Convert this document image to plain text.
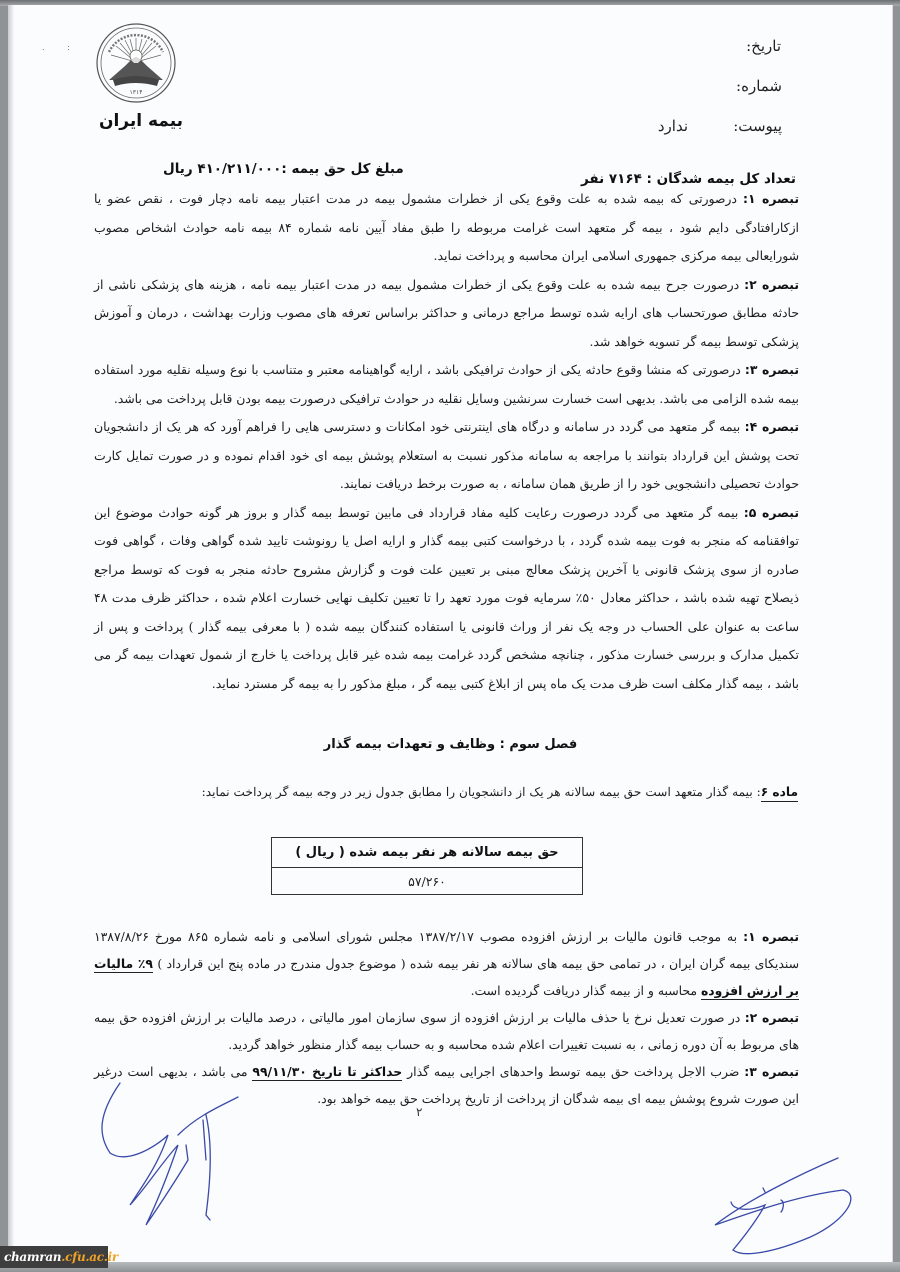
تاریخ:
شماره:
پیوست:
ندارد
. :
۱۳۱۴
بیمه ایران
تعداد کل بیمه شدگان : ۷۱۶۴ نفر
مبلغ کل حق بیمه :۴۱۰/۲۱۱/۰۰۰ ریال
تبصره ۱: درصورتی که بیمه شده به علت وقوع یکی از خطرات مشمول بیمه در مدت اعتبار بیمه نامه دچار فوت ، نقص عضو یا ازکارافتادگی دایم شود ، بیمه گر متعهد است غرامت مربوطه را طبق مفاد آیین نامه شماره ۸۴ بیمه نامه حوادث اشخاص مصوب شورایعالی بیمه مرکزی جمهوری اسلامی ایران محاسبه و پرداخت نماید.
تبصره ۲: درصورت جرح بیمه شده به علت وقوع یکی از خطرات مشمول بیمه در مدت اعتبار بیمه نامه ، هزینه های پزشکی ناشی از حادثه مطابق صورتحساب های ارایه شده توسط مراجع درمانی و حداکثر براساس تعرفه های مصوب وزارت بهداشت ، درمان و آموزش پزشکی توسط بیمه گر تسویه خواهد شد.
تبصره ۳: درصورتی که منشا وقوع حادثه یکی از حوادث ترافیکی باشد ، ارایه گواهینامه معتبر و متناسب با نوع وسیله نقلیه مورد استفاده بیمه شده الزامی می باشد. بدیهی است خسارت سرنشین وسایل نقلیه در حوادث ترافیکی درصورت بیمه بودن قابل پرداخت می باشد.
تبصره ۴: بیمه گر متعهد می گردد در سامانه و درگاه های اینترنتی خود امکانات و دسترسی هایی را فراهم آورد که هر یک از دانشجویان تحت پوشش این قرارداد بتوانند با مراجعه به سامانه مذکور نسبت به استعلام پوشش بیمه ای خود اقدام نموده و در صورت تمایل کارت حوادث تحصیلی دانشجویی خود را از طریق همان سامانه ، به صورت برخط دریافت نمایند.
تبصره ۵: بیمه گر متعهد می گردد درصورت رعایت کلیه مفاد قرارداد فی مابین توسط بیمه گذار و بروز هر گونه حوادث موضوع این توافقنامه که منجر به فوت بیمه شده گردد ، با درخواست کتبی بیمه گذار و ارایه اصل یا رونوشت تایید شده گواهی وفات ، گواهی فوت صادره از سوی پزشک قانونی یا آخرین پزشک معالج مبنی بر تعیین علت فوت و گزارش مشروح حادثه منجر به فوت که توسط مراجع ذیصلاح تهیه شده باشد ، حداکثر معادل ۵۰٪ سرمایه فوت مورد تعهد را تا تعیین تکلیف نهایی خسارت اعلام شده ، حداکثر ظرف مدت ۴۸ ساعت به عنوان علی الحساب در وجه یک نفر از وراث قانونی یا استفاده کنندگان بیمه شده ( با معرفی بیمه گذار ) پرداخت و پس از تکمیل مدارک و بررسی خسارت مذکور ، چنانچه مشخص گردد غرامت بیمه شده غیر قابل پرداخت یا خارج از شمول تعهدات بیمه گر می باشد ، بیمه گذار مکلف است ظرف مدت یک ماه پس از ابلاغ کتبی بیمه گر ، مبلغ مذکور را به بیمه گر مسترد نماید.
فصل سوم : وظایف و تعهدات بیمه گذار
ماده ۶: بیمه گذار متعهد است حق بیمه سالانه هر یک از دانشجویان را مطابق جدول زیر در وجه بیمه گر پرداخت نماید:
حق بیمه سالانه هر نفر بیمه شده ( ریال )
۵۷/۲۶۰
تبصره ۱: به موجب قانون مالیات بر ارزش افزوده مصوب ۱۳۸۷/۲/۱۷ مجلس شورای اسلامی و نامه شماره ۸۶۵ مورخ ۱۳۸۷/۸/۲۶ سندیکای بیمه گران ایران ، در تمامی حق بیمه های سالانه هر نفر بیمه شده ( موضوع جدول مندرج در ماده پنج این قرارداد ) ۹٪ مالیات بر ارزش افزوده محاسبه و از بیمه گذار دریافت گردیده است.
تبصره ۲: در صورت تعدیل نرخ یا حذف مالیات بر ارزش افزوده از سوی سازمان امور مالیاتی ، درصد مالیات بر ارزش افزوده حق بیمه های مربوط به آن دوره زمانی ، به نسبت تغییرات اعلام شده محاسبه و به حساب بیمه گذار منظور خواهد گردید.
تبصره ۳: ضرب الاجل پرداخت حق بیمه توسط واحدهای اجرایی بیمه گذار حداکثر تا تاریخ ۹۹/۱۱/۳۰ می باشد ، بدیهی است درغیر این صورت شروع پوشش بیمه ای بیمه شدگان از پرداخت از تاریخ پرداخت حق بیمه خواهد بود.
۲
chamran.cfu.ac.ir
